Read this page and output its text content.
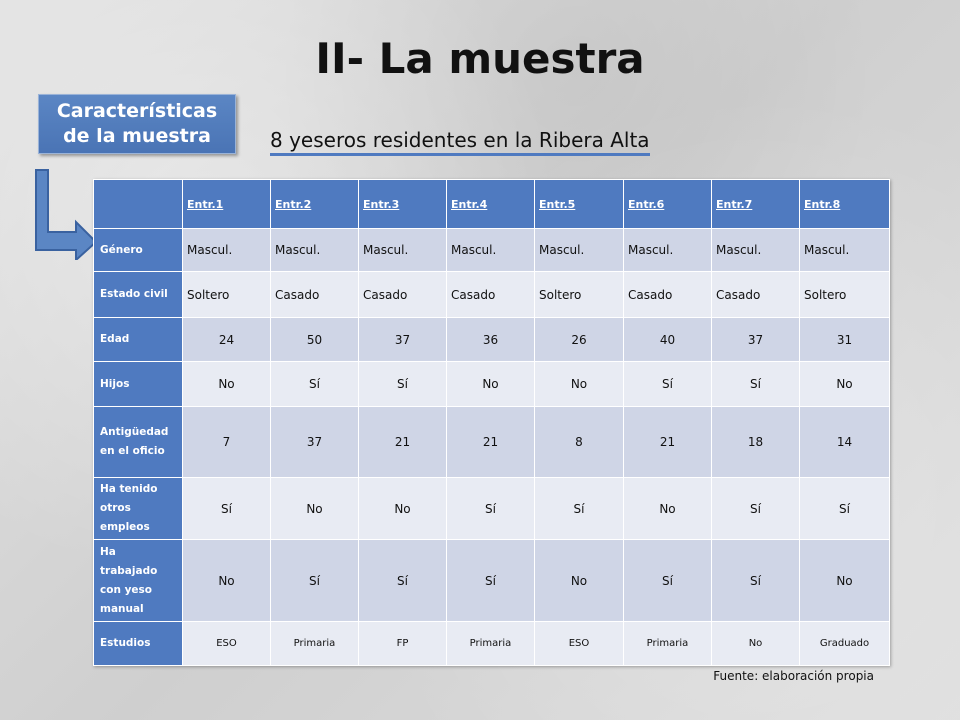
II- La muestra
Características
de la muestra	8 yeseros residentes en la Ribera Alta
	Entr.1	Entr.2	Entr.3	Entr.4	Entr.5	Entr.6	Entr.7	Entr.8
Género	Mascul.	Mascul.	Mascul.	Mascul.	Mascul.	Mascul.	Mascul.	Mascul.
Estado civil	Soltero	Casado	Casado	Casado	Soltero	Casado	Casado	Soltero
Edad	24	50	37	36	26	40	37	31
Hijos	No	Sí	Sí	No	No	Sí	Sí	No
Antigüedad en el oficio	7	37	21	21	8	21	18	14
Ha tenido otros empleos	Sí	No	No	Sí	Sí	No	Sí	Sí
Ha trabajado con yeso manual	No	Sí	Sí	Sí	No	Sí	Sí	No
Estudios	ESO	Primaria	FP	Primaria	ESO	Primaria	No	Graduado
Fuente: elaboración propia
